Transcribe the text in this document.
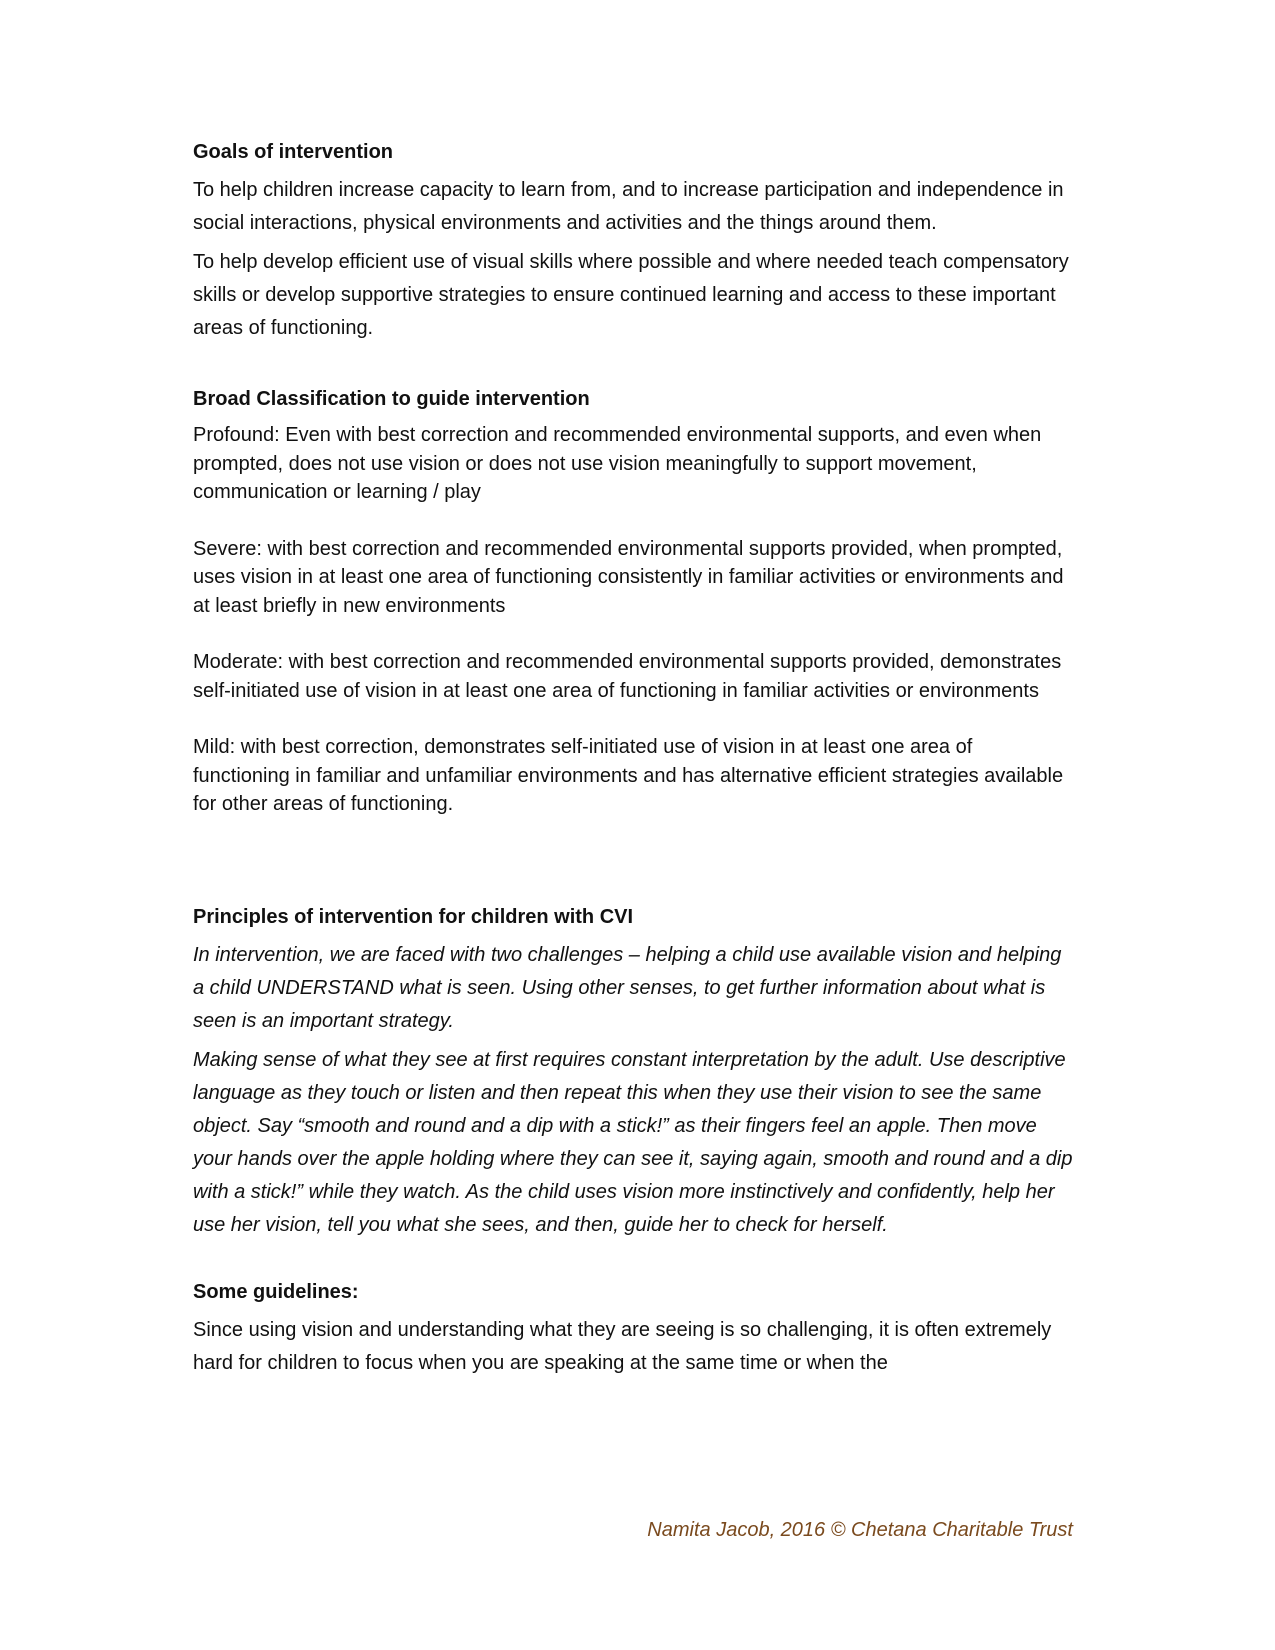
Goals of intervention

To help children increase capacity to learn from, and to increase participation and independence in social interactions, physical environments and activities and the things around them.

To help develop efficient use of visual skills where possible and where needed teach compensatory skills or develop supportive strategies to ensure continued learning and access to these important areas of functioning.

Broad Classification to guide intervention

Profound: Even with best correction and recommended environmental supports, and even when prompted, does not use vision or does not use vision meaningfully to support movement, communication or learning / play

Severe: with best correction and recommended environmental supports provided, when prompted, uses vision in at least one area of functioning consistently in familiar activities or environments and at least briefly in new environments

Moderate: with best correction and recommended environmental supports provided, demonstrates self-initiated use of vision in at least one area of functioning in familiar activities or environments

Mild: with best correction, demonstrates self-initiated use of vision in at least one area of functioning in familiar and unfamiliar environments and has alternative efficient strategies available for other areas of functioning.

Principles of intervention for children with CVI

In intervention, we are faced with two challenges – helping a child use available vision and helping a child UNDERSTAND what is seen. Using other senses, to get further information about what is seen is an important strategy.

Making sense of what they see at first requires constant interpretation by the adult. Use descriptive language as they touch or listen and then repeat this when they use their vision to see the same object. Say “smooth and round and a dip with a stick!” as their fingers feel an apple. Then move your hands over the apple holding where they can see it, saying again, smooth and round and a dip with a stick!” while they watch. As the child uses vision more instinctively and confidently, help her use her vision, tell you what she sees, and then, guide her to check for herself.

Some guidelines:

Since using vision and understanding what they are seeing is so challenging, it is often extremely hard for children to focus when you are speaking at the same time or when the

Namita Jacob, 2016 © Chetana Charitable Trust
